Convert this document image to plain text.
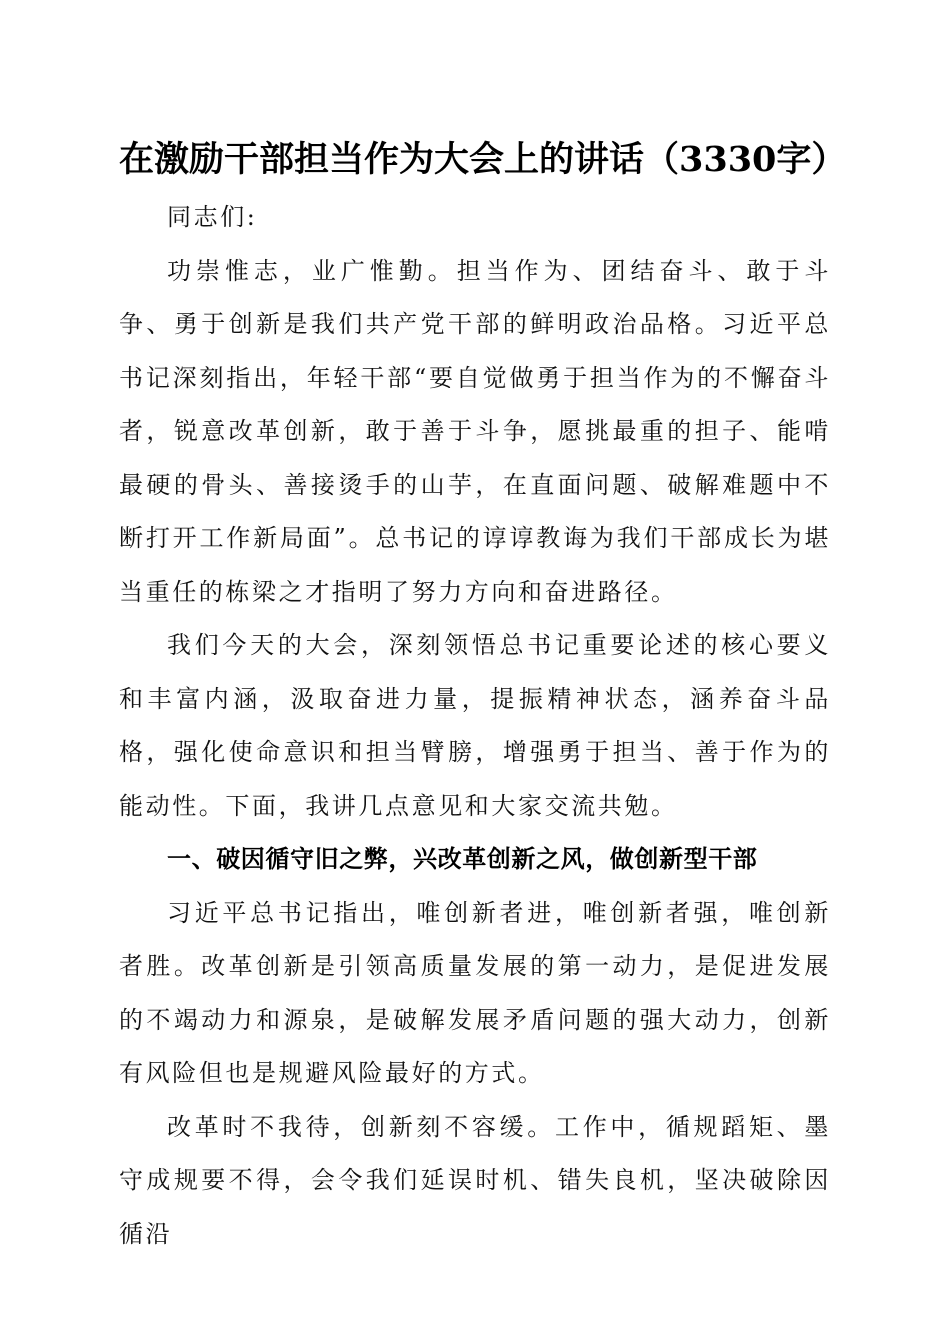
在激励干部担当作为大会上的讲话（3330字）

同志们:

功崇惟志，业广惟勤。担当作为、团结奋斗、敢于斗争、勇于创新是我们共产党干部的鲜明政治品格。习近平总书记深刻指出，年轻干部“要自觉做勇于担当作为的不懈奋斗者，锐意改革创新，敢于善于斗争，愿挑最重的担子、能啃最硬的骨头、善接烫手的山芋，在直面问题、破解难题中不断打开工作新局面”。总书记的谆谆教诲为我们干部成长为堪当重任的栋梁之才指明了努力方向和奋进路径。

我们今天的大会，深刻领悟总书记重要论述的核心要义和丰富内涵，汲取奋进力量，提振精神状态，涵养奋斗品格，强化使命意识和担当臂膀，增强勇于担当、善于作为的能动性。下面，我讲几点意见和大家交流共勉。

一、破因循守旧之弊，兴改革创新之风，做创新型干部

习近平总书记指出，唯创新者进，唯创新者强，唯创新者胜。改革创新是引领高质量发展的第一动力，是促进发展的不竭动力和源泉，是破解发展矛盾问题的强大动力，创新有风险但也是规避风险最好的方式。

改革时不我待，创新刻不容缓。工作中，循规蹈矩、墨守成规要不得，会令我们延误时机、错失良机，坚决破除因循沿
